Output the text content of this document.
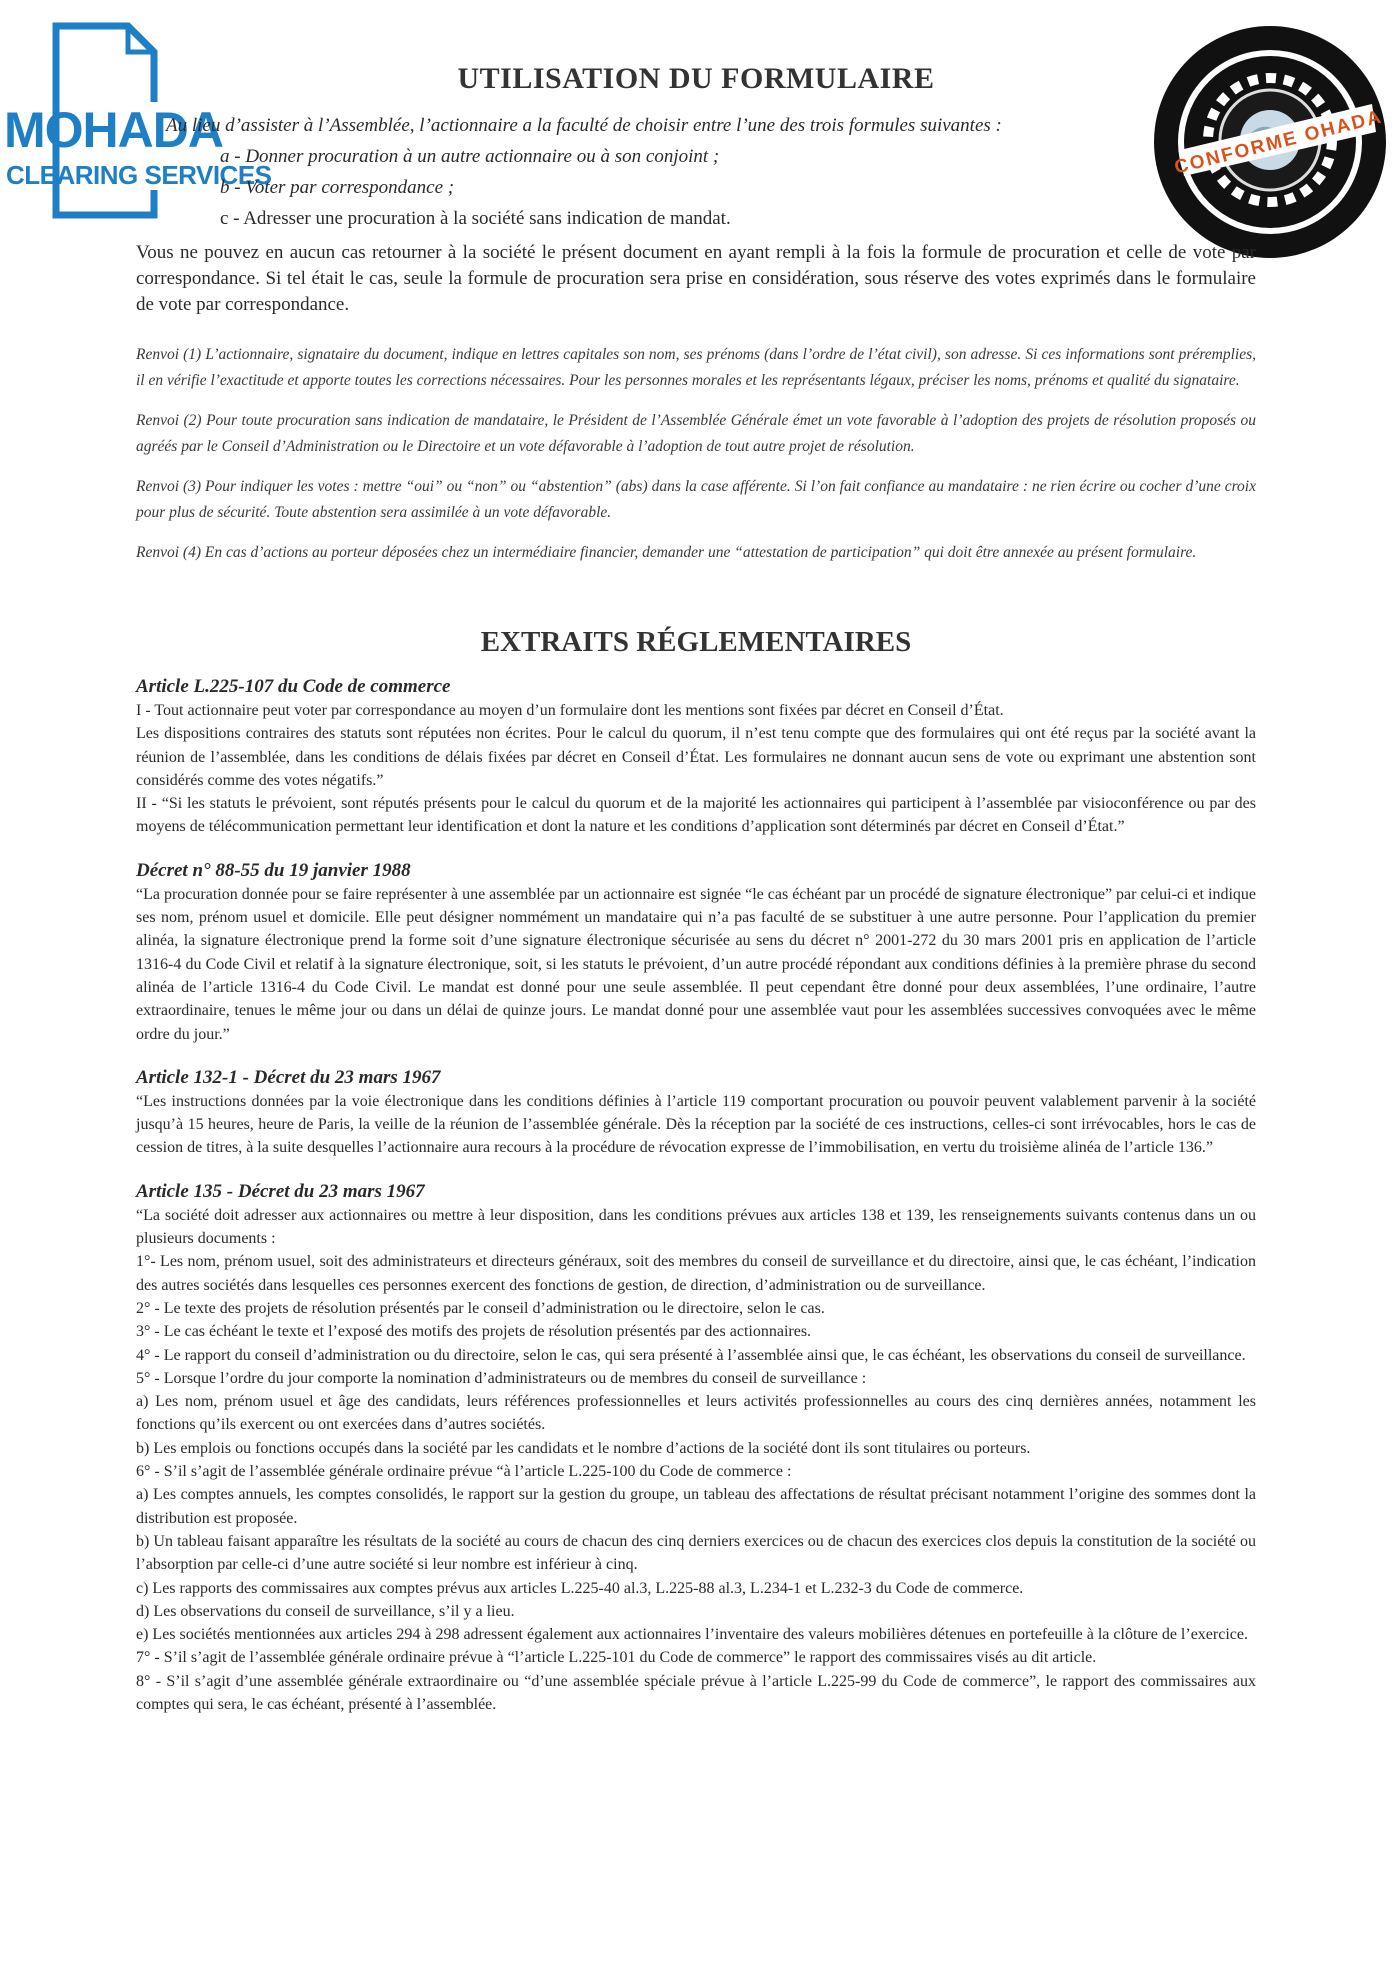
MOHADA
CLEARING SERVICES	CONFORME OHADA
UTILISATION DU FORMULAIRE

Au lieu d’assister à l’Assemblée, l’actionnaire a la faculté de choisir entre l’une des trois formules suivantes :

a - Donner procuration à un autre actionnaire ou à son conjoint ;

b - Voter par correspondance ;

c - Adresser une procuration à la société sans indication de mandat.

Vous ne pouvez en aucun cas retourner à la société le présent document en ayant rempli à la fois la formule de procuration et celle de vote par correspondance. Si tel était le cas, seule la formule de procuration sera prise en considération, sous réserve des votes exprimés dans le formulaire de vote par correspondance.

Renvoi (1) L’actionnaire, signataire du document, indique en lettres capitales son nom, ses prénoms (dans l’ordre de l’état civil), son adresse. Si ces informations sont préremplies, il en vérifie l’exactitude et apporte toutes les corrections nécessaires. Pour les personnes morales et les représentants légaux, préciser les noms, prénoms et qualité du signataire.

Renvoi (2) Pour toute procuration sans indication de mandataire, le Président de l’Assemblée Générale émet un vote favorable à l’adoption des projets de résolution proposés ou agréés par le Conseil d’Administration ou le Directoire et un vote défavorable à l’adoption de tout autre projet de résolution.

Renvoi (3) Pour indiquer les votes : mettre “oui” ou “non” ou “abstention” (abs) dans la case afférente. Si l’on fait confiance au mandataire : ne rien écrire ou cocher d’une croix pour plus de sécurité. Toute abstention sera assimilée à un vote défavorable.

Renvoi (4) En cas d’actions au porteur déposées chez un intermédiaire financier, demander une “attestation de participation” qui doit être annexée au présent formulaire.

EXTRAITS RÉGLEMENTAIRES

Article L.225-107 du Code de commerce

I - Tout actionnaire peut voter par correspondance au moyen d’un formulaire dont les mentions sont fixées par décret en Conseil d’État.

Les dispositions contraires des statuts sont réputées non écrites. Pour le calcul du quorum, il n’est tenu compte que des formulaires qui ont été reçus par la société avant la réunion de l’assemblée, dans les conditions de délais fixées par décret en Conseil d’État. Les formulaires ne donnant aucun sens de vote ou exprimant une abstention sont considérés comme des votes négatifs.”

II - “Si les statuts le prévoient, sont réputés présents pour le calcul du quorum et de la majorité les actionnaires qui participent à l’assemblée par visioconférence ou par des moyens de télécommunication permettant leur identification et dont la nature et les conditions d’application sont déterminés par décret en Conseil d’État.”

Décret n° 88-55 du 19 janvier 1988

“La procuration donnée pour se faire représenter à une assemblée par un actionnaire est signée “le cas échéant par un procédé de signature électronique” par celui-ci et indique ses nom, prénom usuel et domicile. Elle peut désigner nommément un mandataire qui n’a pas faculté de se substituer à une autre personne. Pour l’application du premier alinéa, la signature électronique prend la forme soit d’une signature électronique sécurisée au sens du décret n° 2001-272 du 30 mars 2001 pris en application de l’article 1316-4 du Code Civil et relatif à la signature électronique, soit, si les statuts le prévoient, d’un autre procédé répondant aux conditions définies à la première phrase du second alinéa de l’article 1316-4 du Code Civil. Le mandat est donné pour une seule assemblée. Il peut cependant être donné pour deux assemblées, l’une ordinaire, l’autre extraordinaire, tenues le même jour ou dans un délai de quinze jours. Le mandat donné pour une assemblée vaut pour les assemblées successives convoquées avec le même ordre du jour.”

Article 132-1 - Décret du 23 mars 1967

“Les instructions données par la voie électronique dans les conditions définies à l’article 119 comportant procuration ou pouvoir peuvent valablement parvenir à la société jusqu’à 15 heures, heure de Paris, la veille de la réunion de l’assemblée générale. Dès la réception par la société de ces instructions, celles-ci sont irrévocables, hors le cas de cession de titres, à la suite desquelles l’actionnaire aura recours à la procédure de révocation expresse de l’immobilisation, en vertu du troisième alinéa de l’article 136.”

Article 135 - Décret du 23 mars 1967

“La société doit adresser aux actionnaires ou mettre à leur disposition, dans les conditions prévues aux articles 138 et 139, les renseignements suivants contenus dans un ou plusieurs documents :

1°- Les nom, prénom usuel, soit des administrateurs et directeurs généraux, soit des membres du conseil de surveillance et du directoire, ainsi que, le cas échéant, l’indication des autres sociétés dans lesquelles ces personnes exercent des fonctions de gestion, de direction, d’administration ou de surveillance.

2° - Le texte des projets de résolution présentés par le conseil d’administration ou le directoire, selon le cas.

3° - Le cas échéant le texte et l’exposé des motifs des projets de résolution présentés par des actionnaires.

4° - Le rapport du conseil d’administration ou du directoire, selon le cas, qui sera présenté à l’assemblée ainsi que, le cas échéant, les observations du conseil de surveillance.

5° - Lorsque l’ordre du jour comporte la nomination d’administrateurs ou de membres du conseil de surveillance :

a) Les nom, prénom usuel et âge des candidats, leurs références professionnelles et leurs activités professionnelles au cours des cinq dernières années, notamment les fonctions qu’ils exercent ou ont exercées dans d’autres sociétés.

b) Les emplois ou fonctions occupés dans la société par les candidats et le nombre d’actions de la société dont ils sont titulaires ou porteurs.

6° - S’il s’agit de l’assemblée générale ordinaire prévue “à l’article L.225-100 du Code de commerce :

a) Les comptes annuels, les comptes consolidés, le rapport sur la gestion du groupe, un tableau des affectations de résultat précisant notamment l’origine des sommes dont la distribution est proposée.

b) Un tableau faisant apparaître les résultats de la société au cours de chacun des cinq derniers exercices ou de chacun des exercices clos depuis la constitution de la société ou l’absorption par celle-ci d’une autre société si leur nombre est inférieur à cinq.

c) Les rapports des commissaires aux comptes prévus aux articles L.225-40 al.3, L.225-88 al.3, L.234-1 et L.232-3 du Code de commerce.

d) Les observations du conseil de surveillance, s’il y a lieu.

e) Les sociétés mentionnées aux articles 294 à 298 adressent également aux actionnaires l’inventaire des valeurs mobilières détenues en portefeuille à la clôture de l’exercice.

7° - S’il s’agit de l’assemblée générale ordinaire prévue à “l’article L.225-101 du Code de commerce” le rapport des commissaires visés au dit article.

8° - S’il s’agit d’une assemblée générale extraordinaire ou “d’une assemblée spéciale prévue à l’article L.225-99 du Code de commerce”, le rapport des commissaires aux comptes qui sera, le cas échéant, présenté à l’assemblée.
